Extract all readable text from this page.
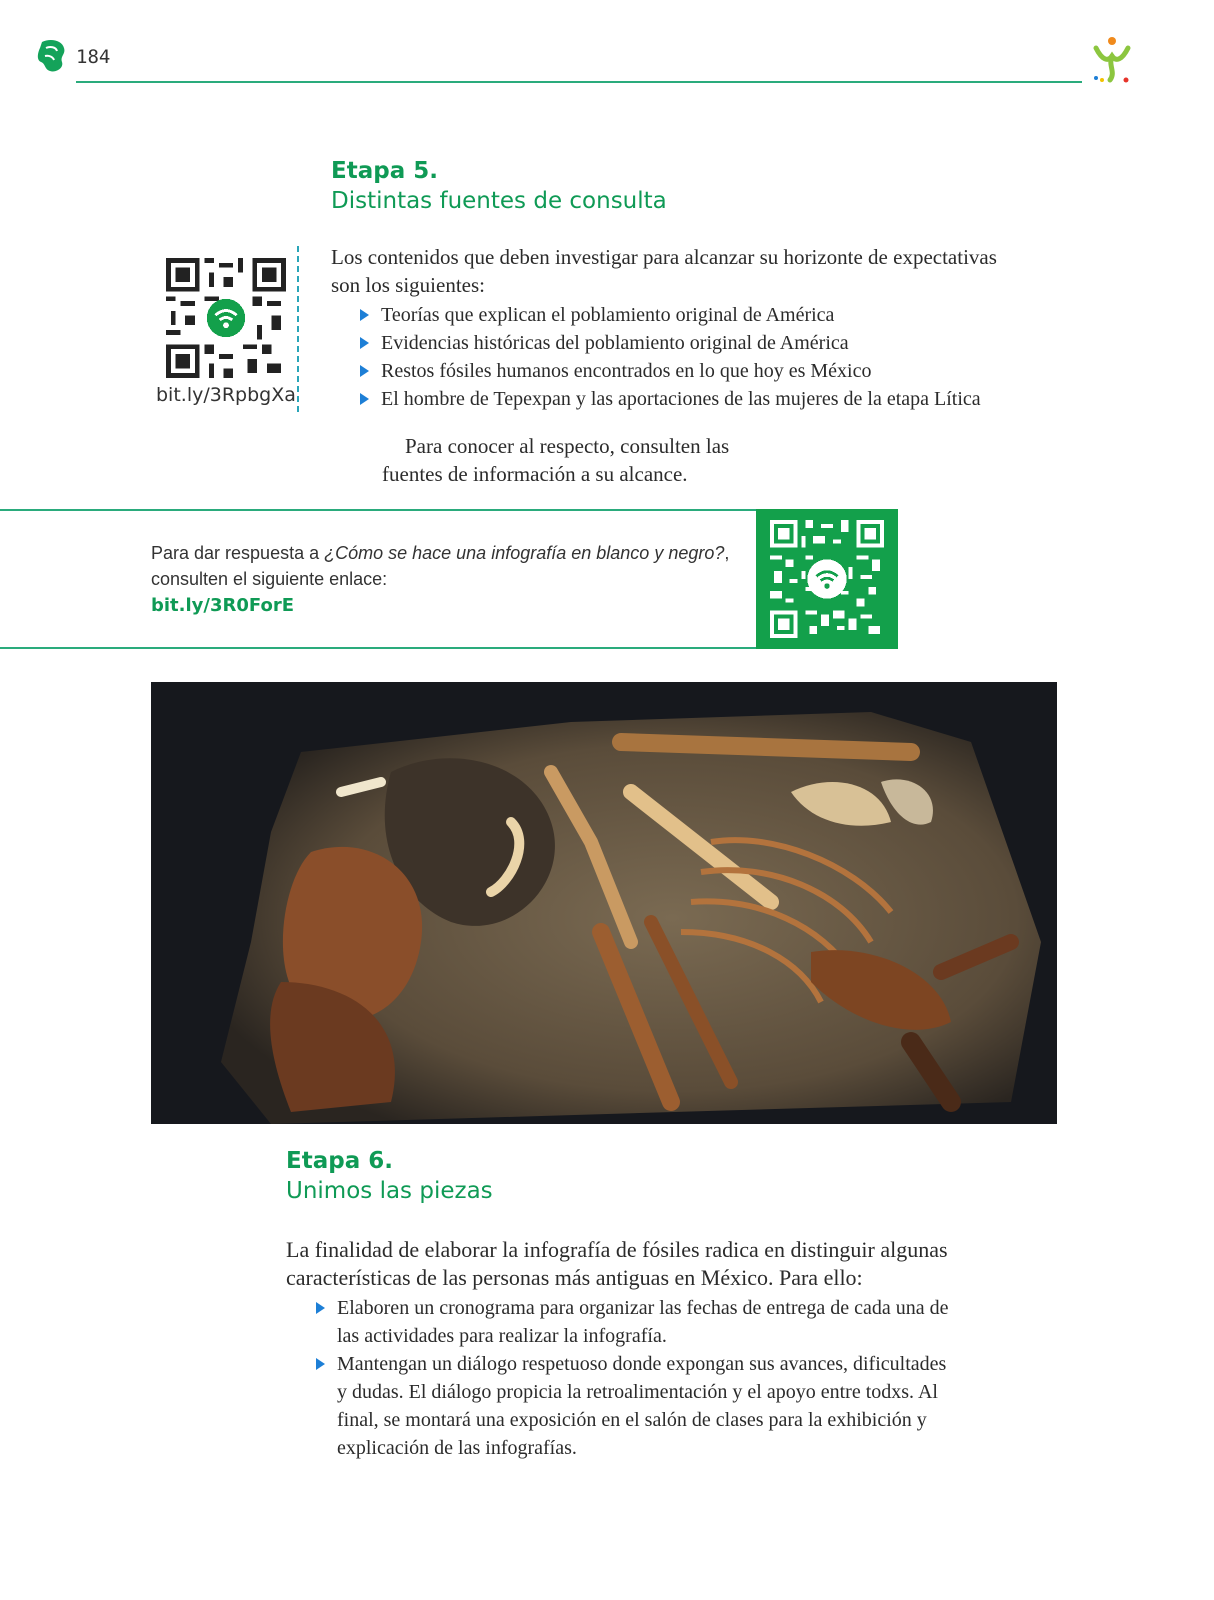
184
Etapa 5.
Distintas fuentes de consulta
bit.ly/3RpbgXa
Los contenidos que deben investigar para alcanzar su horizonte de expectativas son los siguientes:
Teorías que explican el poblamiento original de América
Evidencias históricas del poblamiento original de América
Restos fósiles humanos encontrados en lo que hoy es México
El hombre de Tepexpan y las aportaciones de las mujeres de la etapa Lítica
Para conocer al respecto, consulten las
fuentes de información a su alcance.
Para dar respuesta a ¿Cómo se hace una infografía en blanco y negro?, consulten el siguiente enlace:
bit.ly/3R0ForE
Etapa 6.
Unimos las piezas
La finalidad de elaborar la infografía de fósiles radica en distinguir algunas características de las personas más antiguas en México. Para ello:
Elaboren un cronograma para organizar las fechas de entrega de cada una de las actividades para realizar la infografía.
Mantengan un diálogo respetuoso donde expongan sus avances, dificultades y dudas. El diálogo propicia la retroalimentación y el apoyo entre todxs. Al final, se montará una exposición en el salón de clases para la exhibición y explicación de las infografías.
